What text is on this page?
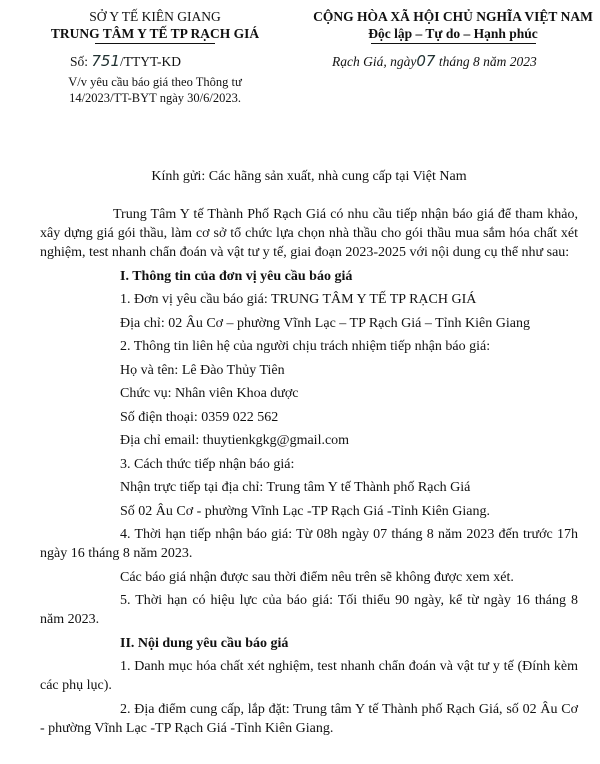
SỞ Y TẾ KIÊN GIANG
TRUNG TÂM Y TẾ TP RẠCH GIÁ
CỘNG HÒA XÃ HỘI CHỦ NGHĨA VIỆT NAM
Độc lập – Tự do – Hạnh phúc
Số: 751/TTYT-KD
V/v yêu cầu báo giá theo Thông tư
14/2023/TT-BYT ngày 30/6/2023.
Rạch Giá, ngày07 tháng 8 năm 2023
Kính gửi: Các hãng sản xuất, nhà cung cấp tại Việt Nam

Trung Tâm Y tế Thành Phố Rạch Giá có nhu cầu tiếp nhận báo giá để tham khảo, xây dựng giá gói thầu, làm cơ sở tổ chức lựa chọn nhà thầu cho gói thầu mua sắm hóa chất xét nghiệm, test nhanh chẩn đoán và vật tư y tế, giai đoạn 2023-2025 với nội dung cụ thể như sau:

I. Thông tin của đơn vị yêu cầu báo giá

1. Đơn vị yêu cầu báo giá: TRUNG TÂM Y TẾ TP RẠCH GIÁ

Địa chỉ: 02 Âu Cơ – phường Vĩnh Lạc – TP Rạch Giá – Tỉnh Kiên Giang

2. Thông tin liên hệ của người chịu trách nhiệm tiếp nhận báo giá:

Họ và tên: Lê Đào Thủy Tiên

Chức vụ: Nhân viên Khoa dược

Số điện thoại: 0359 022 562

Địa chỉ email: thuytienkgkg@gmail.com

3. Cách thức tiếp nhận báo giá:

Nhận trực tiếp tại địa chỉ: Trung tâm Y tế Thành phố Rạch Giá

Số 02 Âu Cơ - phường Vĩnh Lạc -TP Rạch Giá -Tỉnh Kiên Giang.

4. Thời hạn tiếp nhận báo giá: Từ 08h ngày 07 tháng 8 năm 2023 đến trước 17h ngày 16 tháng 8 năm 2023.

Các báo giá nhận được sau thời điểm nêu trên sẽ không được xem xét.

5. Thời hạn có hiệu lực của báo giá: Tối thiểu 90 ngày, kể từ ngày 16 tháng 8 năm 2023.

II. Nội dung yêu cầu báo giá

1. Danh mục hóa chất xét nghiệm, test nhanh chẩn đoán và vật tư y tế (Đính kèm các phụ lục).

2. Địa điểm cung cấp, lắp đặt: Trung tâm Y tế Thành phố Rạch Giá, số 02 Âu Cơ - phường Vĩnh Lạc -TP Rạch Giá -Tỉnh Kiên Giang.
